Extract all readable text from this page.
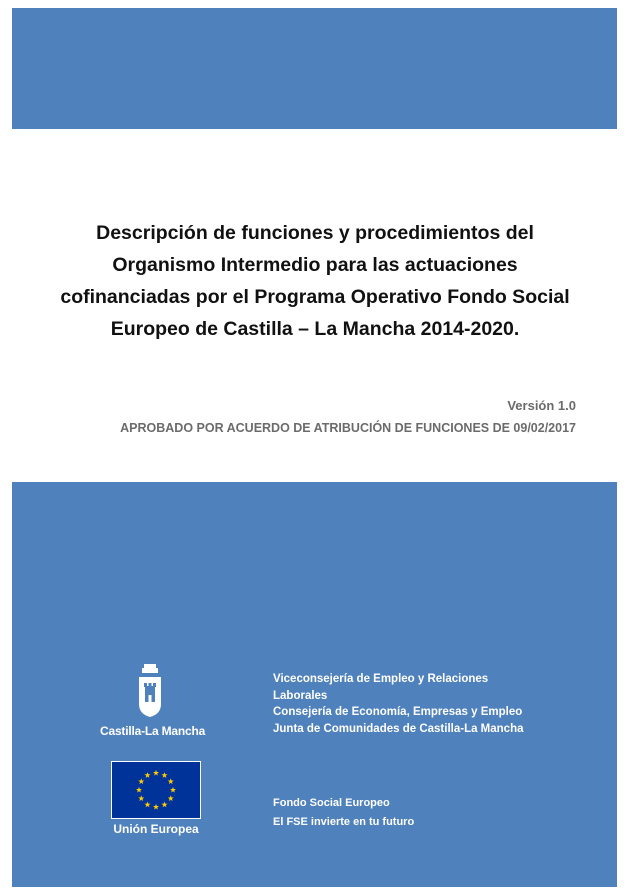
Descripción de funciones y procedimientos del
Organismo Intermedio para las actuaciones
cofinanciadas por el Programa Operativo Fondo Social
Europeo de Castilla – La Mancha 2014-2020.
Versión 1.0
APROBADO POR ACUERDO DE ATRIBUCIÓN DE FUNCIONES DE 09/02/2017
Castilla-La Mancha
Unión Europea
Viceconsejería de Empleo y Relaciones
Laborales
Consejería de Economía, Empresas y Empleo
Junta de Comunidades de Castilla-La Mancha
Fondo Social Europeo
El FSE invierte en tu futuro
